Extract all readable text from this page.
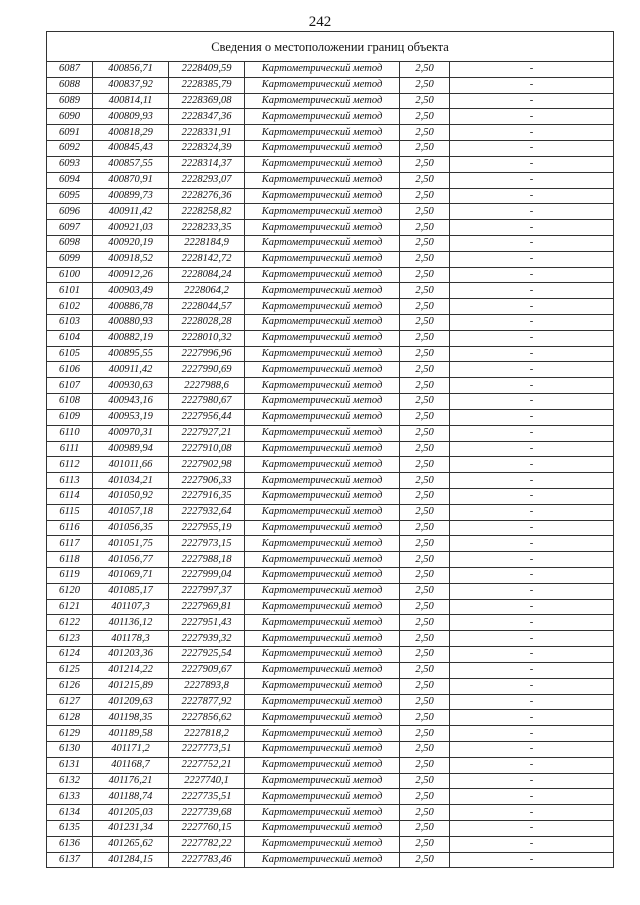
242
Сведения о местоположении границ объекта					
6087	400856,71	2228409,59	Картометрический метод	2,50	-
6088	400837,92	2228385,79	Картометрический метод	2,50	-
6089	400814,11	2228369,08	Картометрический метод	2,50	-
6090	400809,93	2228347,36	Картометрический метод	2,50	-
6091	400818,29	2228331,91	Картометрический метод	2,50	-
6092	400845,43	2228324,39	Картометрический метод	2,50	-
6093	400857,55	2228314,37	Картометрический метод	2,50	-
6094	400870,91	2228293,07	Картометрический метод	2,50	-
6095	400899,73	2228276,36	Картометрический метод	2,50	-
6096	400911,42	2228258,82	Картометрический метод	2,50	-
6097	400921,03	2228233,35	Картометрический метод	2,50	-
6098	400920,19	2228184,9	Картометрический метод	2,50	-
6099	400918,52	2228142,72	Картометрический метод	2,50	-
6100	400912,26	2228084,24	Картометрический метод	2,50	-
6101	400903,49	2228064,2	Картометрический метод	2,50	-
6102	400886,78	2228044,57	Картометрический метод	2,50	-
6103	400880,93	2228028,28	Картометрический метод	2,50	-
6104	400882,19	2228010,32	Картометрический метод	2,50	-
6105	400895,55	2227996,96	Картометрический метод	2,50	-
6106	400911,42	2227990,69	Картометрический метод	2,50	-
6107	400930,63	2227988,6	Картометрический метод	2,50	-
6108	400943,16	2227980,67	Картометрический метод	2,50	-
6109	400953,19	2227956,44	Картометрический метод	2,50	-
6110	400970,31	2227927,21	Картометрический метод	2,50	-
6111	400989,94	2227910,08	Картометрический метод	2,50	-
6112	401011,66	2227902,98	Картометрический метод	2,50	-
6113	401034,21	2227906,33	Картометрический метод	2,50	-
6114	401050,92	2227916,35	Картометрический метод	2,50	-
6115	401057,18	2227932,64	Картометрический метод	2,50	-
6116	401056,35	2227955,19	Картометрический метод	2,50	-
6117	401051,75	2227973,15	Картометрический метод	2,50	-
6118	401056,77	2227988,18	Картометрический метод	2,50	-
6119	401069,71	2227999,04	Картометрический метод	2,50	-
6120	401085,17	2227997,37	Картометрический метод	2,50	-
6121	401107,3	2227969,81	Картометрический метод	2,50	-
6122	401136,12	2227951,43	Картометрический метод	2,50	-
6123	401178,3	2227939,32	Картометрический метод	2,50	-
6124	401203,36	2227925,54	Картометрический метод	2,50	-
6125	401214,22	2227909,67	Картометрический метод	2,50	-
6126	401215,89	2227893,8	Картометрический метод	2,50	-
6127	401209,63	2227877,92	Картометрический метод	2,50	-
6128	401198,35	2227856,62	Картометрический метод	2,50	-
6129	401189,58	2227818,2	Картометрический метод	2,50	-
6130	401171,2	2227773,51	Картометрический метод	2,50	-
6131	401168,7	2227752,21	Картометрический метод	2,50	-
6132	401176,21	2227740,1	Картометрический метод	2,50	-
6133	401188,74	2227735,51	Картометрический метод	2,50	-
6134	401205,03	2227739,68	Картометрический метод	2,50	-
6135	401231,34	2227760,15	Картометрический метод	2,50	-
6136	401265,62	2227782,22	Картометрический метод	2,50	-
6137	401284,15	2227783,46	Картометрический метод	2,50	-
